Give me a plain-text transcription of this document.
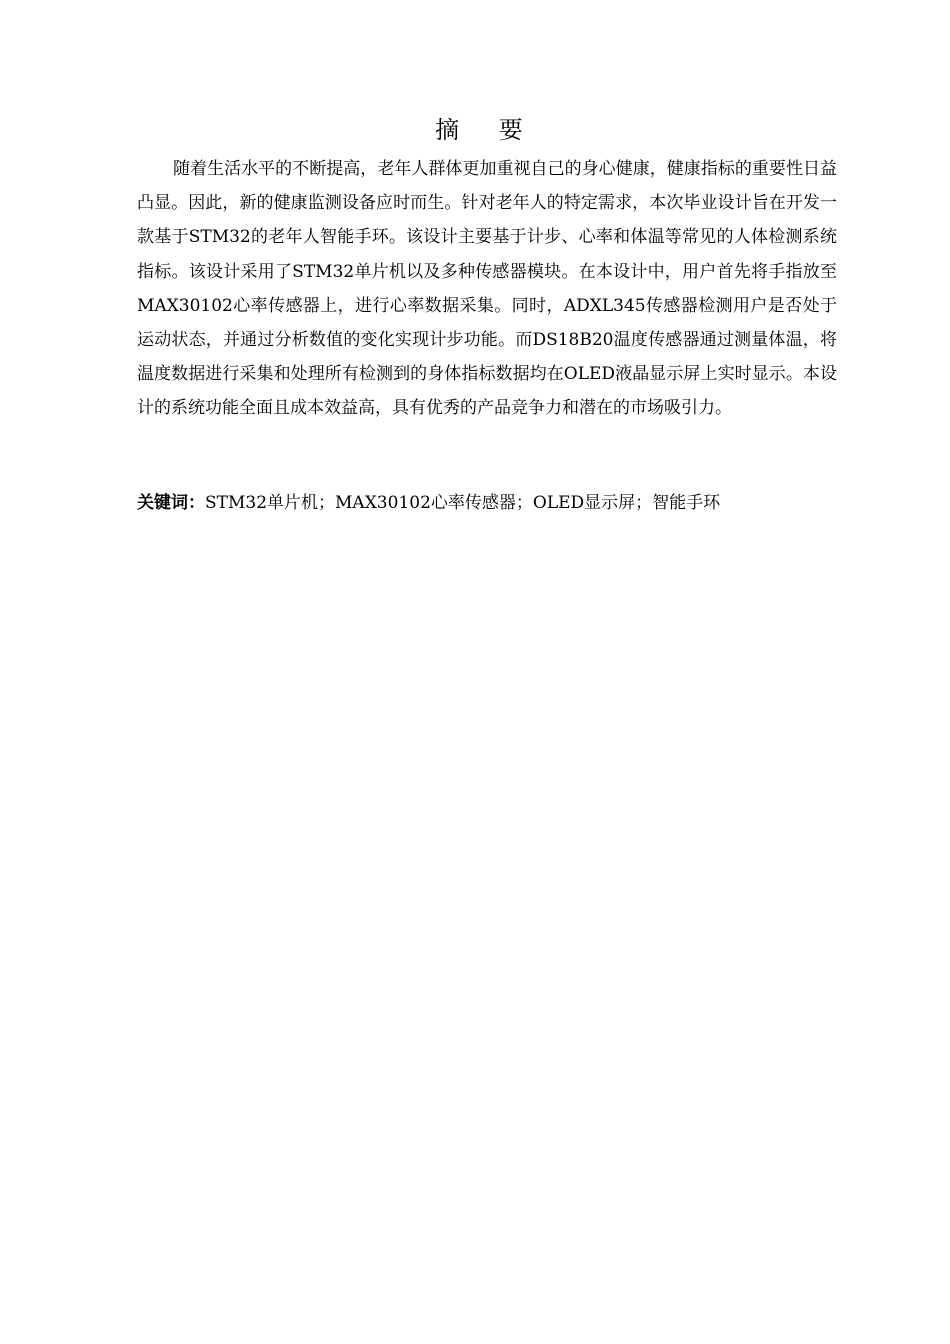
摘 要

随着生活水平的不断提高，老年人群体更加重视自己的身心健康，健康指标的重要性日益凸显。因此，新的健康监测设备应时而生。针对老年人的特定需求，本次毕业设计旨在开发一款基于STM32的老年人智能手环。该设计主要基于计步、心率和体温等常见的人体检测系统指标。该设计采用了STM32单片机以及多种传感器模块。在本设计中，用户首先将手指放至MAX30102心率传感器上，进行心率数据采集。同时，ADXL345传感器检测用户是否处于运动状态，并通过分析数值的变化实现计步功能。而DS18B20温度传感器通过测量体温，将温度数据进行采集和处理所有检测到的身体指标数据均在OLED液晶显示屏上实时显示。本设计的系统功能全面且成本效益高，具有优秀的产品竞争力和潜在的市场吸引力。

关键词：STM32单片机；MAX30102心率传感器；OLED显示屏；智能手环
